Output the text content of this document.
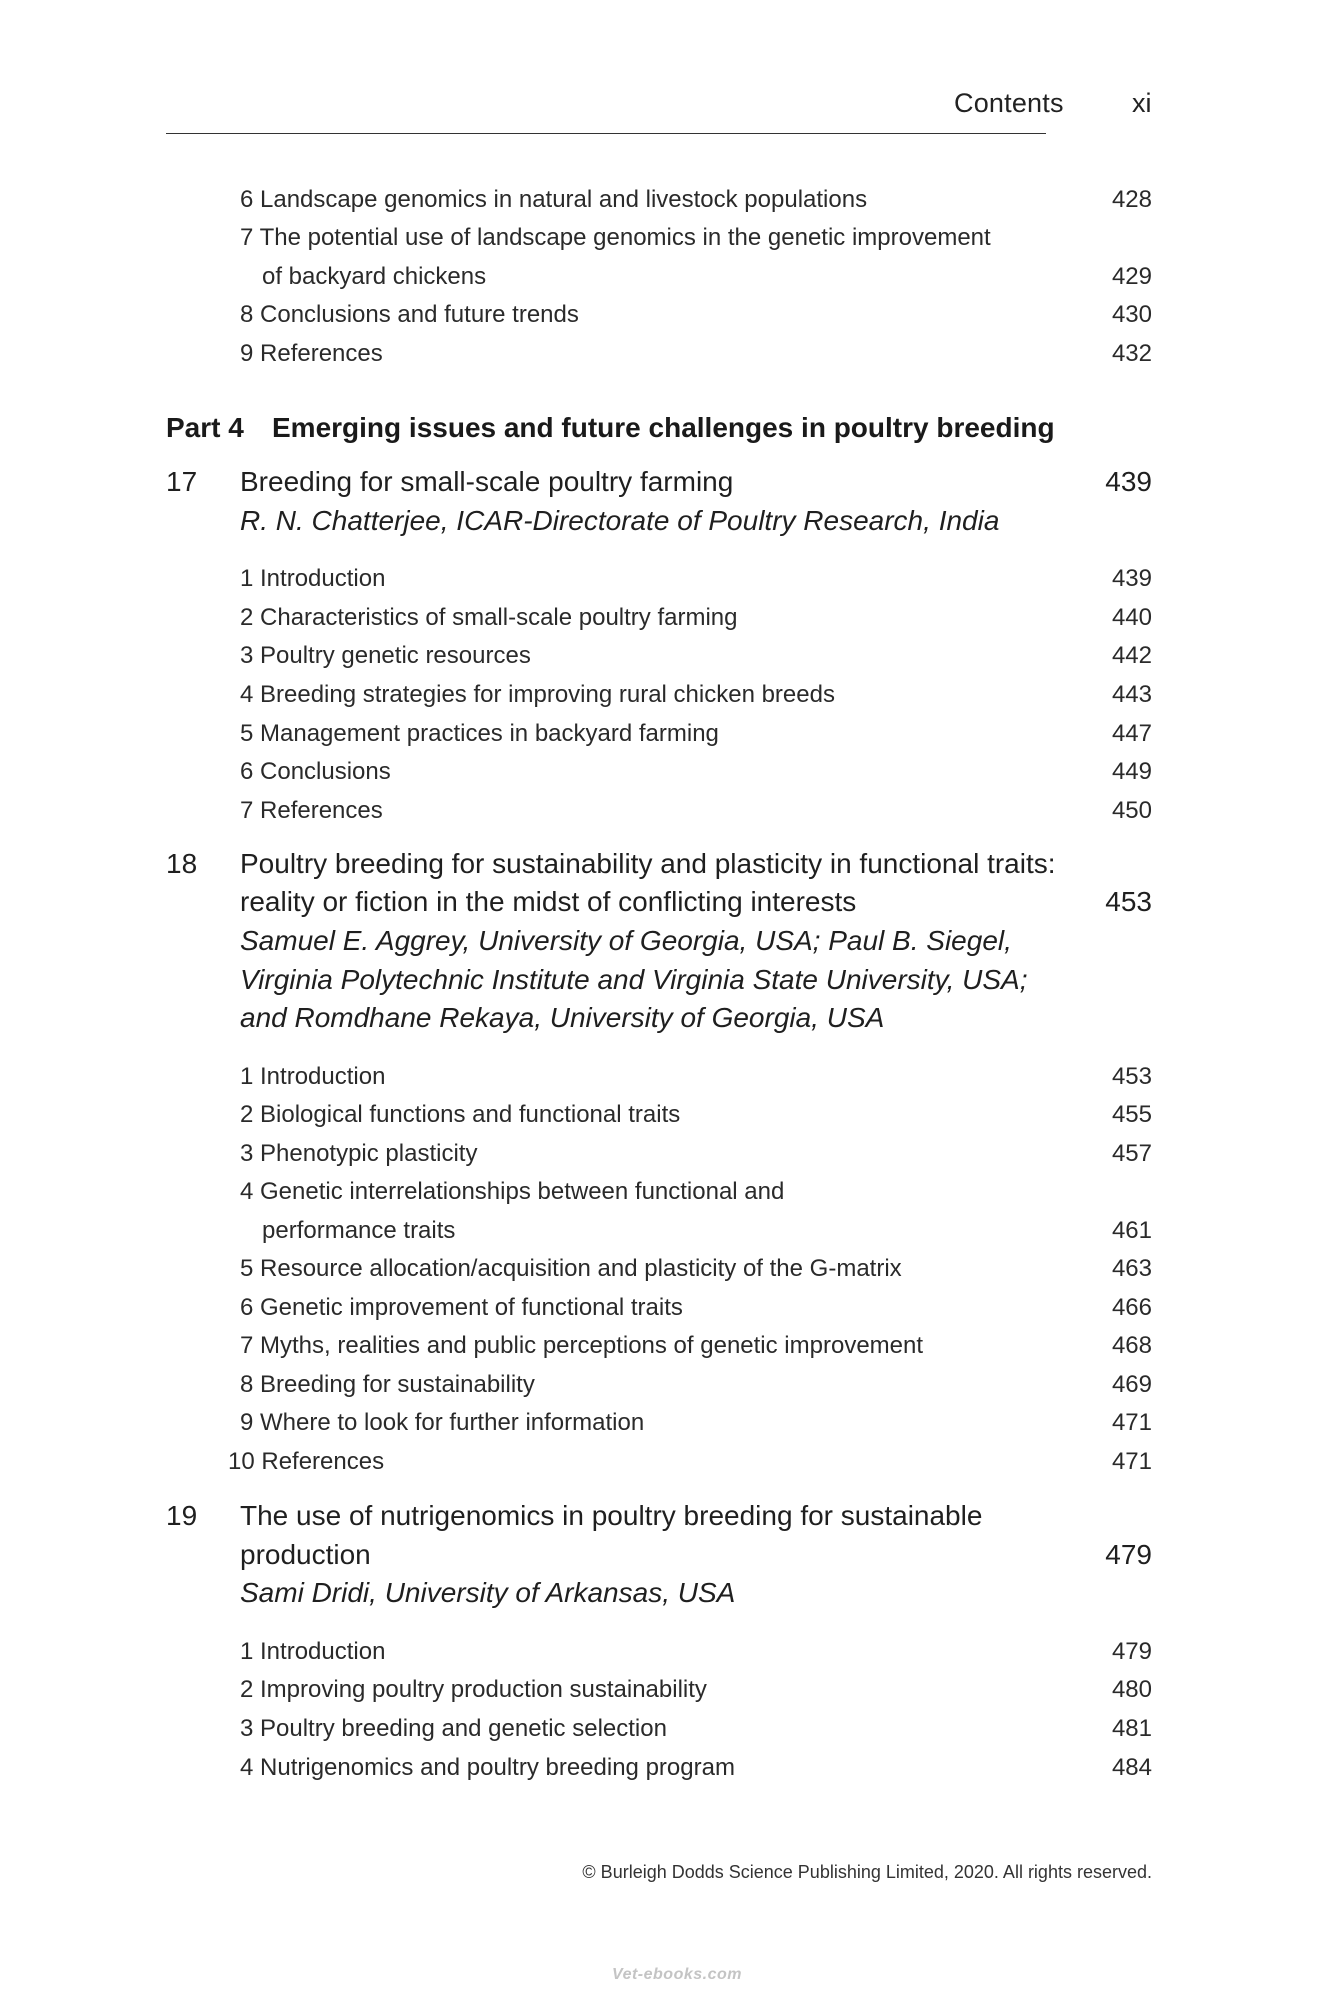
Contents	xi
6 Landscape genomics in natural and livestock populations	428
7 The potential use of landscape genomics in the genetic improvement
of backyard chickens	429
8 Conclusions and future trends	430
9 References	432
Part 4 Emerging issues and future challenges in poultry breeding
17 Breeding for small-scale poultry farming	439
R. N. Chatterjee, ICAR-Directorate of Poultry Research, India
1 Introduction	439
2 Characteristics of small-scale poultry farming	440
3 Poultry genetic resources	442
4 Breeding strategies for improving rural chicken breeds	443
5 Management practices in backyard farming	447
6 Conclusions	449
7 References	450
18 Poultry breeding for sustainability and plasticity in functional traits:
reality or fiction in the midst of conflicting interests	453
Samuel E. Aggrey, University of Georgia, USA; Paul B. Siegel,
Virginia Polytechnic Institute and Virginia State University, USA;
and Romdhane Rekaya, University of Georgia, USA
1 Introduction	453
2 Biological functions and functional traits	455
3 Phenotypic plasticity	457
4 Genetic interrelationships between functional and
performance traits	461
5 Resource allocation/acquisition and plasticity of the G-matrix	463
6 Genetic improvement of functional traits	466
7 Myths, realities and public perceptions of genetic improvement	468
8 Breeding for sustainability	469
9 Where to look for further information	471
10 References	471
19 The use of nutrigenomics in poultry breeding for sustainable
production	479
Sami Dridi, University of Arkansas, USA
1 Introduction	479
2 Improving poultry production sustainability	480
3 Poultry breeding and genetic selection	481
4 Nutrigenomics and poultry breeding program	484
© Burleigh Dodds Science Publishing Limited, 2020. All rights reserved.
Vet-ebooks.com
